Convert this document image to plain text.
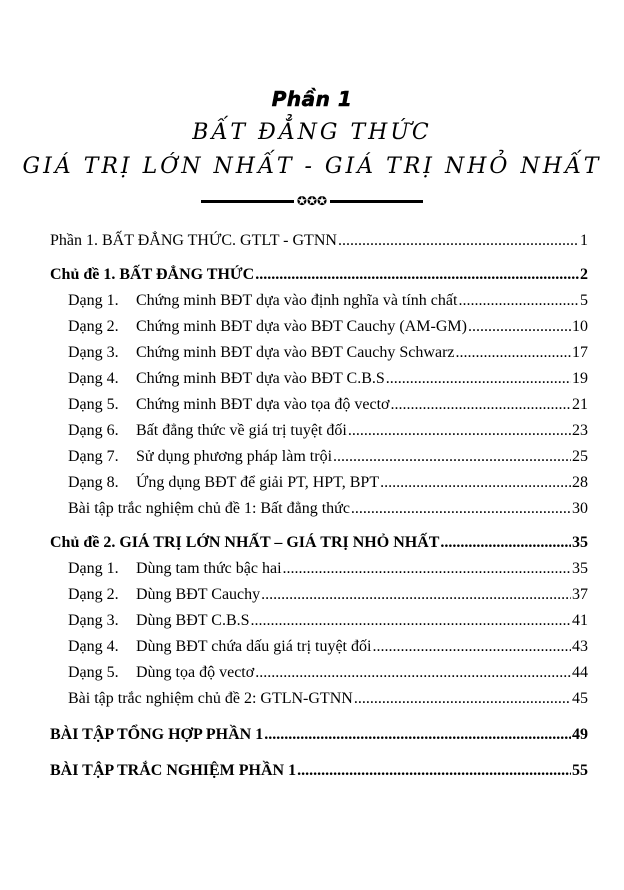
Phần 1
BẤT ĐẲNG THỨC
GIÁ TRỊ LỚN NHẤT - GIÁ TRỊ NHỎ NHẤT
✪✪✪
Phần 1. BẤT ĐẲNG THỨC. GTLT - GTNN .....	1
Chủ đề 1. BẤT ĐẲNG THỨC .....	2
Dạng 1.	Chứng minh BĐT dựa vào định nghĩa và tính chất .....	5
Dạng 2.	Chứng minh BĐT dựa vào BĐT Cauchy (AM-GM) .....	10
Dạng 3.	Chứng minh BĐT dựa vào BĐT Cauchy Schwarz .....	17
Dạng 4.	Chứng minh BĐT dựa vào BĐT C.B.S .....	19
Dạng 5.	Chứng minh BĐT dựa vào tọa độ vectơ .....	21
Dạng 6.	Bất đẳng thức về giá trị tuyệt đối .....	23
Dạng 7.	Sử dụng phương pháp làm trội .....	25
Dạng 8.	Ứng dụng BĐT để giải PT, HPT, BPT .....	28
Bài tập trắc nghiệm chủ đề 1: Bất đẳng thức .....	30
Chủ đề 2. GIÁ TRỊ LỚN NHẤT – GIÁ TRỊ NHỎ NHẤT .....	35
Dạng 1.	Dùng tam thức bậc hai .....	35
Dạng 2.	Dùng BĐT Cauchy .....	37
Dạng 3.	Dùng BĐT C.B.S .....	41
Dạng 4.	Dùng BĐT chứa dấu giá trị tuyệt đối .....	43
Dạng 5.	Dùng tọa độ vectơ .....	44
Bài tập trắc nghiệm chủ đề 2: GTLN-GTNN .....	45
BÀI TẬP TỔNG HỢP PHẦN 1 .....	49
BÀI TẬP TRẮC NGHIỆM PHẦN 1 .....	55
